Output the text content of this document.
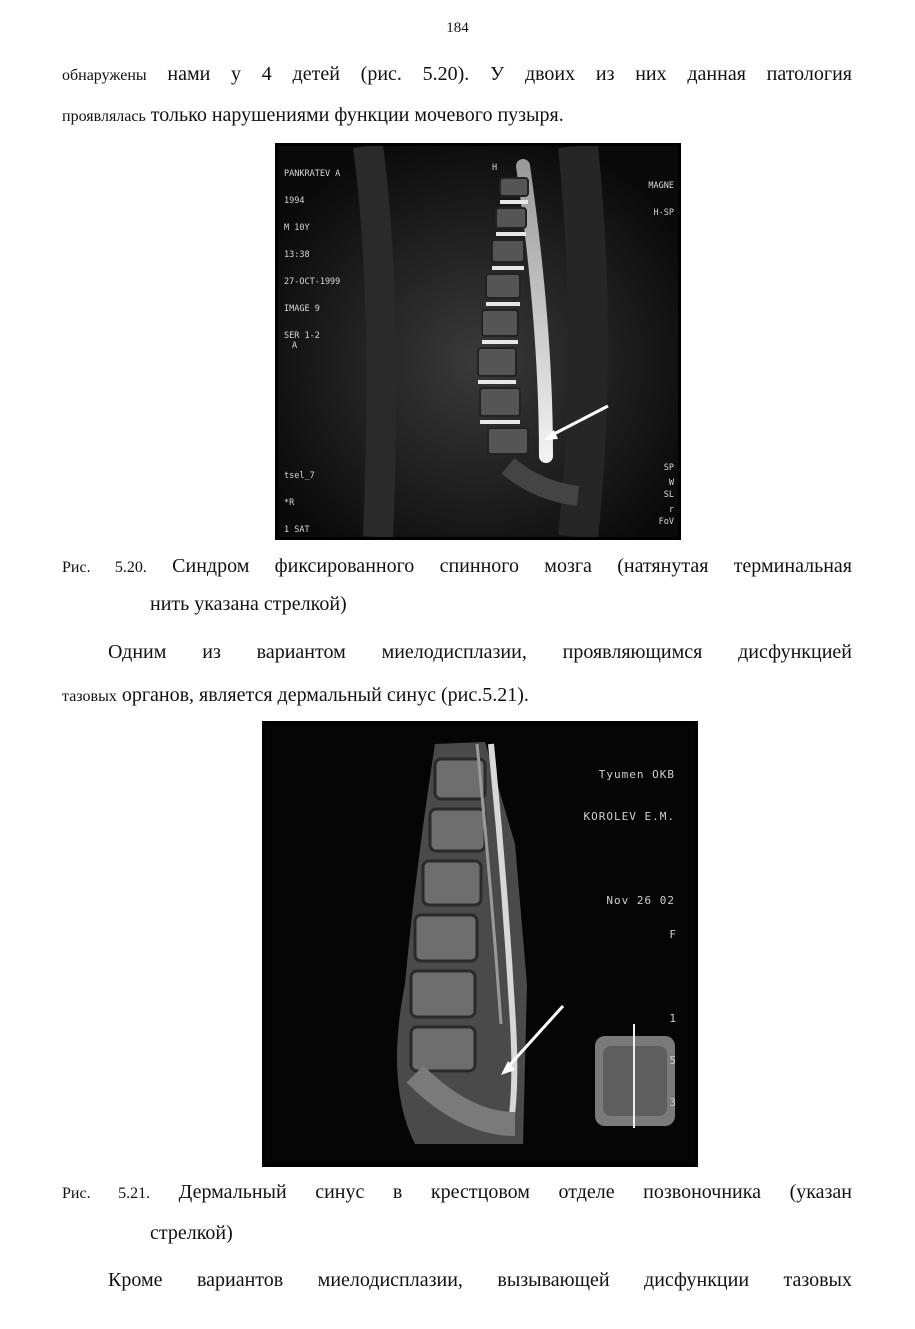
184
обнаружены нами у 4 детей (рис. 5.20). У двоих из них данная патология
проявлялась только нарушениями функции мочевого пузыря.

PANKRATEV A

1994

M 10Y

13:38

27-OCT-1999

IMAGE 9

SER 1-2

MAGNE

H-SP

H
A

tsel_7

*R

1 SAT

SP

SL

FoV

W

r

Рис. 5.20. Синдром фиксированного спинного мозга (натянутая терминальная
нить указана стрелкой)
Одним из вариантом миелодисплазии, проявляющимся дисфункцией
тазовых органов, является дермальный синус (рис.5.21).

Tyumen OKB

KOROLEV E.M.

Nov 26 02

F

1

5

3

Рис. 5.21. Дермальный синус в крестцовом отделе позвоночника (указан
стрелкой)
Кроме вариантов миелодисплазии, вызывающей дисфункции тазовых
